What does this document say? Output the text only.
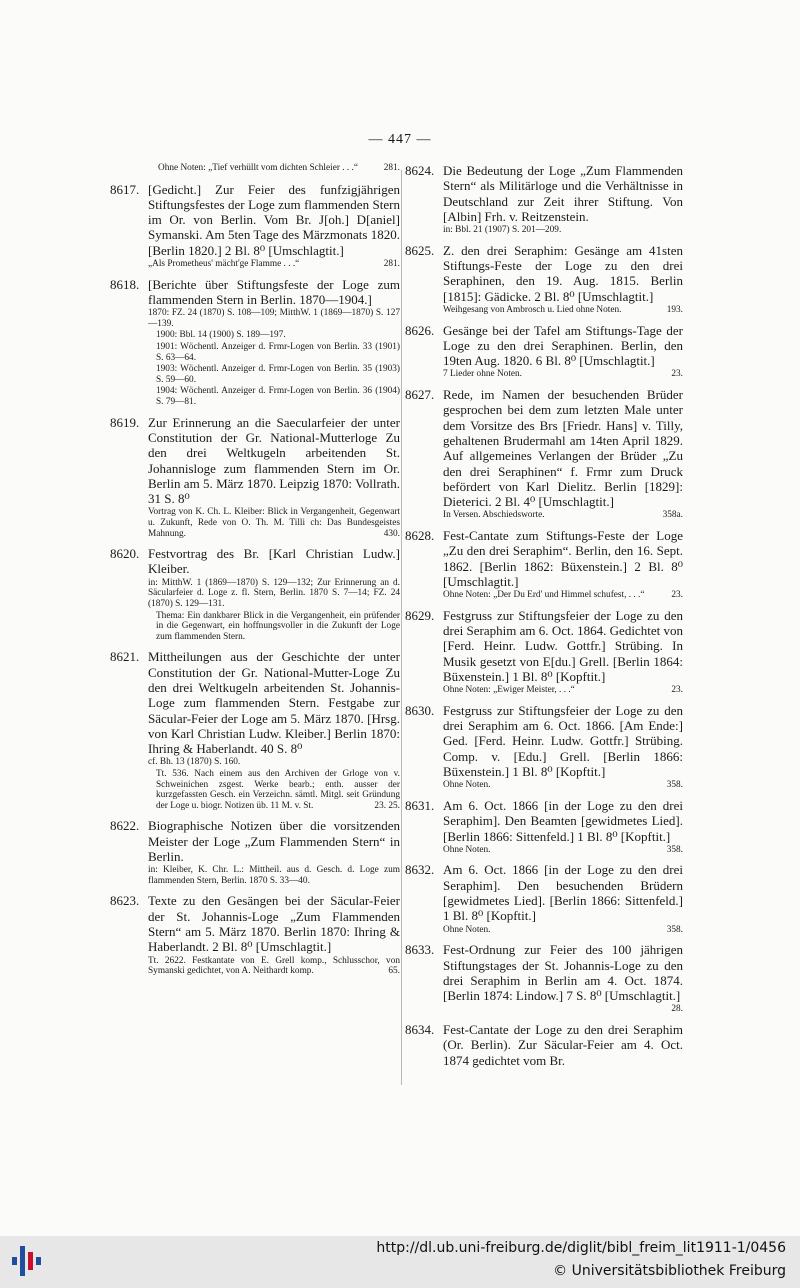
— 447 —
Ohne Noten: „Tief verhüllt vom dichten Schleier . . .“	281.
8617. [Gedicht.] Zur Feier des funfzigjährigen Stiftungsfestes der Loge zum flammenden Stern im Or. von Berlin. Vom Br. J[oh.] D[aniel] Symanski. Am 5ten Tage des Märzmonats 1820. [Berlin 1820.] 2 Bl. 8⁰ [Umschlagtit.]
„Als Prometheus' mächt'ge Flamme . . .“	281.
8618. [Berichte über Stiftungsfeste der Loge zum flammenden Stern in Berlin. 1870—1904.]
1870: FZ. 24 (1870) S. 108—109; MitthW. 1 (1869—1870) S. 127—139.
1900: Bbl. 14 (1900) S. 189—197.
1901: Wöchentl. Anzeiger d. Frmr-Logen von Berlin. 33 (1901) S. 63—64.
1903: Wöchentl. Anzeiger d. Frmr-Logen von Berlin. 35 (1903) S. 59—60.
1904: Wöchentl. Anzeiger d. Frmr-Logen von Berlin. 36 (1904) S. 79—81.
8619. Zur Erinnerung an die Saecularfeier der unter Constitution der Gr. National-Mutterloge Zu den drei Weltkugeln arbeitenden St. Johannisloge zum flammenden Stern im Or. Berlin am 5. März 1870. Leipzig 1870: Vollrath. 31 S. 8⁰
Vortrag von K. Ch. L. Kleiber: Blick in Vergangenheit, Gegenwart u. Zukunft, Rede von O. Th. M. Tilli ch: Das Bundesgeistes Mahnung.	430.
8620. Festvortrag des Br. [Karl Christian Ludw.] Kleiber.
in: MitthW. 1 (1869—1870) S. 129—132; Zur Erinnerung an d. Säcularfeier d. Loge z. fl. Stern, Berlin. 1870 S. 7—14; FZ. 24 (1870) S. 129—131.
Thema: Ein dankbarer Blick in die Vergangenheit, ein prüfender in die Gegenwart, ein hoffnungsvoller in die Zukunft der Loge zum flammenden Stern.
8621. Mittheilungen aus der Geschichte der unter Constitution der Gr. National-Mutter-Loge Zu den drei Weltkugeln arbeitenden St. Johannis-Loge zum flammenden Stern. Festgabe zur Säcular-Feier der Loge am 5. März 1870. [Hrsg. von Karl Christian Ludw. Kleiber.] Berlin 1870: Ihring & Haberlandt. 40 S. 8⁰
cf. Bh. 13 (1870) S. 160.
Tt. 536. Nach einem aus den Archiven der Grloge von v. Schweinichen zsgest. Werke bearb.; enth. ausser der kurzgefassten Gesch. ein Verzeichn. sämtl. Mitgl. seit Gründung der Loge u. biogr. Notizen üb. 11 M. v. St.	23. 25.
8622. Biographische Notizen über die vorsitzenden Meister der Loge „Zum Flammenden Stern“ in Berlin.
in: Kleiber, K. Chr. L.: Mittheil. aus d. Gesch. d. Loge zum flammenden Stern, Berlin. 1870 S. 33—40.
8623. Texte zu den Gesängen bei der Säcular-Feier der St. Johannis-Loge „Zum Flammenden Stern“ am 5. März 1870. Berlin 1870: Ihring & Haberlandt. 2 Bl. 8⁰ [Umschlagtit.]
Tt. 2622. Festkantate von E. Grell komp., Schlusschor, von Symanski gedichtet, von A. Neithardt komp.	65.
8624. Die Bedeutung der Loge „Zum Flammenden Stern“ als Militärloge und die Verhältnisse in Deutschland zur Zeit ihrer Stiftung. Von [Albin] Frh. v. Reitzenstein.
in: Bbl. 21 (1907) S. 201—209.
8625. Z. den drei Seraphim: Gesänge am 41sten Stiftungs-Feste der Loge zu den drei Seraphinen, den 19. Aug. 1815. Berlin [1815]: Gädicke. 2 Bl. 8⁰ [Umschlagtit.]
Weihgesang von Ambrosch u. Lied ohne Noten.	193.
8626. Gesänge bei der Tafel am Stiftungs-Tage der Loge zu den drei Seraphinen. Berlin, den 19ten Aug. 1820. 6 Bl. 8⁰ [Umschlagtit.]
7 Lieder ohne Noten.	23.
8627. Rede, im Namen der besuchenden Brüder gesprochen bei dem zum letzten Male unter dem Vorsitze des Brs [Friedr. Hans] v. Tilly, gehaltenen Brudermahl am 14ten April 1829. Auf allgemeines Verlangen der Brüder „Zu den drei Seraphinen“ f. Frmr zum Druck befördert von Karl Dielitz. Berlin [1829]: Dieterici. 2 Bl. 4⁰ [Umschlagtit.]
In Versen. Abschiedsworte.	358a.
8628. Fest-Cantate zum Stiftungs-Feste der Loge „Zu den drei Seraphim“. Berlin, den 16. Sept. 1862. [Berlin 1862: Büxenstein.] 2 Bl. 8⁰ [Umschlagtit.]
Ohne Noten: „Der Du Erd' und Himmel schufest, . . .“	23.
8629. Festgruss zur Stiftungsfeier der Loge zu den drei Seraphim am 6. Oct. 1864. Gedichtet von [Ferd. Heinr. Ludw. Gottfr.] Strübing. In Musik gesetzt von E[du.] Grell. [Berlin 1864: Büxenstein.] 1 Bl. 8⁰ [Kopftit.]
Ohne Noten: „Ewiger Meister, . . .“	23.
8630. Festgruss zur Stiftungsfeier der Loge zu den drei Seraphim am 6. Oct. 1866. [Am Ende:] Ged. [Ferd. Heinr. Ludw. Gottfr.] Strübing. Comp. v. [Edu.] Grell. [Berlin 1866: Büxenstein.] 1 Bl. 8⁰ [Kopftit.]
Ohne Noten.	358.
8631. Am 6. Oct. 1866 [in der Loge zu den drei Seraphim]. Den Beamten [gewidmetes Lied]. [Berlin 1866: Sittenfeld.] 1 Bl. 8⁰ [Kopftit.]
Ohne Noten.	358.
8632. Am 6. Oct. 1866 [in der Loge zu den drei Seraphim]. Den besuchenden Brüdern [gewidmetes Lied]. [Berlin 1866: Sittenfeld.] 1 Bl. 8⁰ [Kopftit.]
Ohne Noten.	358.
8633. Fest-Ordnung zur Feier des 100 jährigen Stiftungstages der St. Johannis-Loge zu den drei Seraphim in Berlin am 4. Oct. 1874. [Berlin 1874: Lindow.] 7 S. 8⁰ [Umschlagtit.]
28.
8634. Fest-Cantate der Loge zu den drei Seraphim (Or. Berlin). Zur Säcular-Feier am 4. Oct. 1874 gedichtet vom Br.
http://dl.ub.uni-freiburg.de/diglit/bibl_freim_lit1911-1/0456
© Universitätsbibliothek Freiburg
